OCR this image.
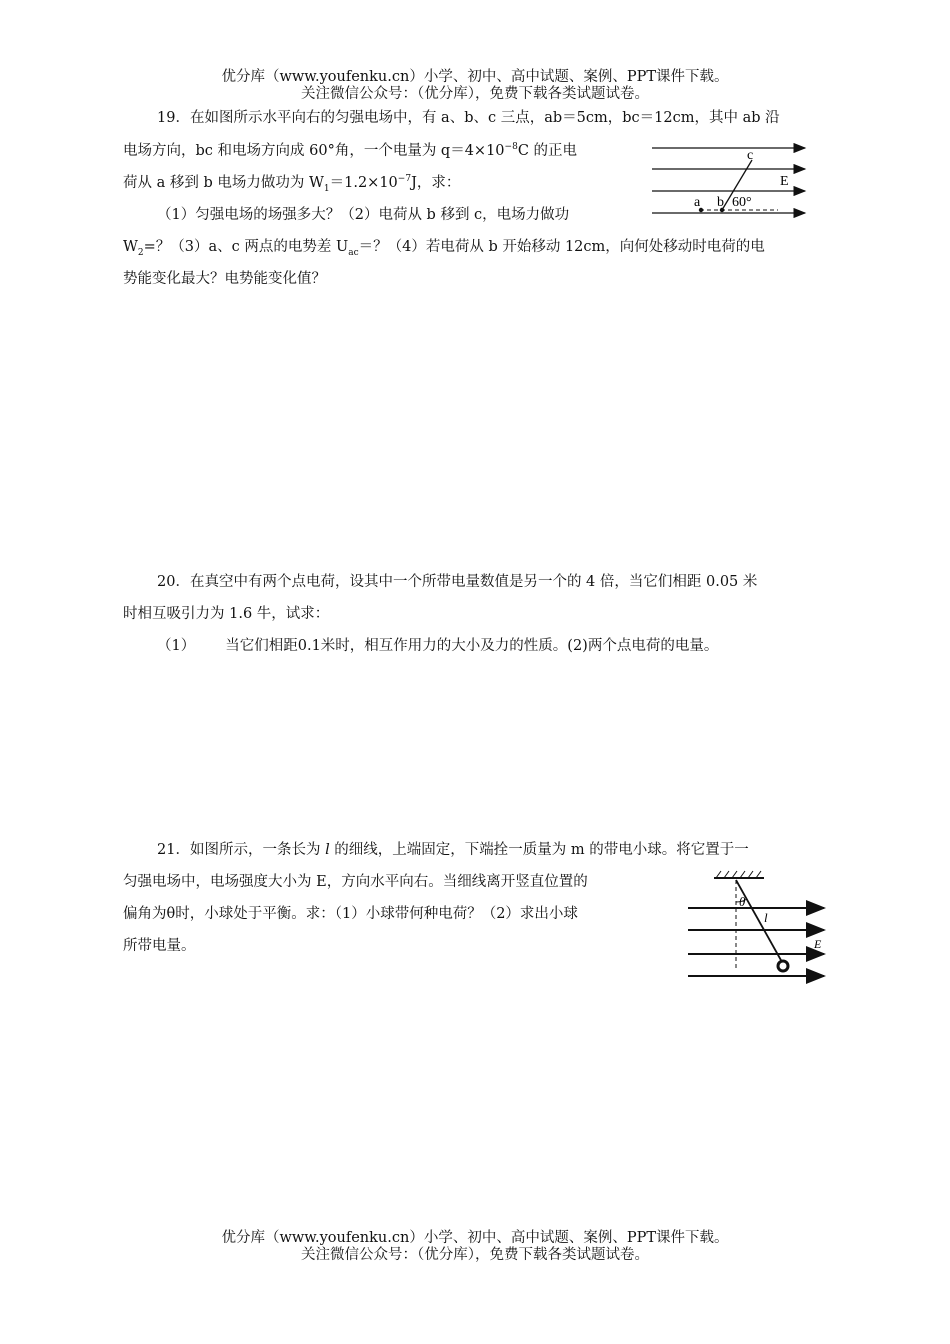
优分库（www.youfenku.cn）小学、初中、高中试题、案例、PPT课件下载。
关注微信公众号：（优分库），免费下载各类试题试卷。
19．在如图所示水平向右的匀强电场中，有 a、b、c 三点，ab＝5cm，bc＝12cm，其中 ab 沿
电场方向，bc 和电场方向成 60°角，一个电量为 $q=4\times 10^{-8}C$ 的正电
荷从 a 移到 b 电场力做功为 $W_1=1.2\times 10^{-7}J$，求：
（1）匀强电场的场强多大？（2）电荷从 b 移到 c，电场力做功
$W_2=$？（3）a、c 两点的电势差 $U_{ac}=$？（4）若电荷从 b 开始移动 12cm，向何处移动时电荷的电
势能变化最大？电势能变化值？
c
E
a b 60°
20．在真空中有两个点电荷，设其中一个所带电量数值是另一个的 4 倍，当它们相距 0.05 米
时相互吸引力为 1.6 牛，试求：
（1） 当它们相距0.1米时，相互作用力的大小及力的性质。(2)两个点电荷的电量。
21．如图所示，一条长为 l 的细线，上端固定，下端拴一质量为 m 的带电小球。将它置于一
匀强电场中，电场强度大小为 E，方向水平向右。当细线离开竖直位置的
偏角为θ时，小球处于平衡。求：（1）小球带何种电荷？（2）求出小球
所带电量。
θ
l
E
优分库（www.youfenku.cn）小学、初中、高中试题、案例、PPT课件下载。
关注微信公众号：（优分库），免费下载各类试题试卷。
